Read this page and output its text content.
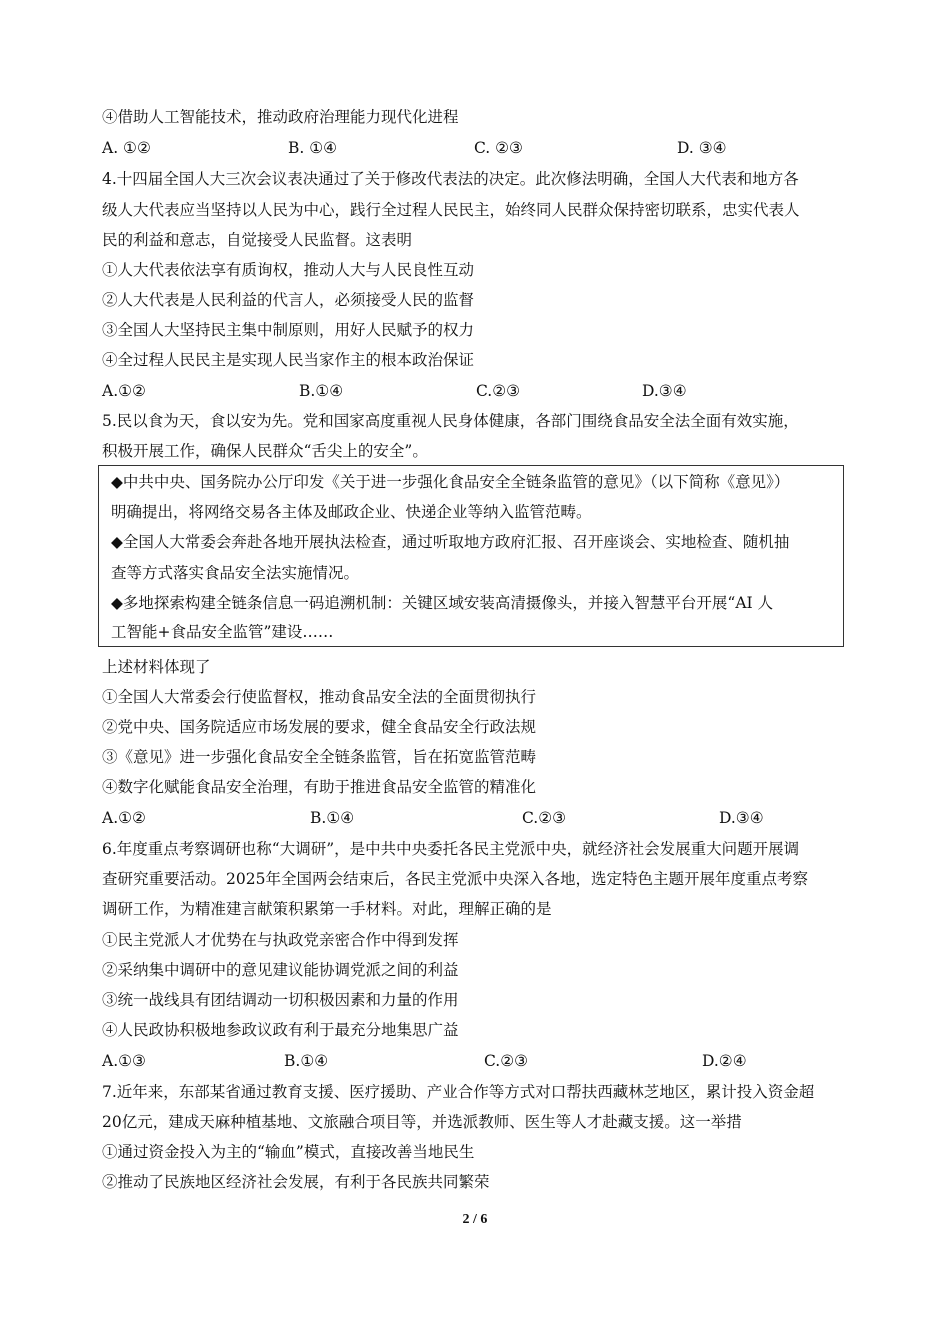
④借助人工智能技术，推动政府治理能力现代化进程
A. ①②	B. ①④	C. ②③	D. ③④
4.十四届全国人大三次会议表决通过了关于修改代表法的决定。此次修法明确，全国人大代表和地方各
级人大代表应当坚持以人民为中心，践行全过程人民民主，始终同人民群众保持密切联系，忠实代表人
民的利益和意志，自觉接受人民监督。这表明
①人大代表依法享有质询权，推动人大与人民良性互动
②人大代表是人民利益的代言人，必须接受人民的监督
③全国人大坚持民主集中制原则，用好人民赋予的权力
④全过程人民民主是实现人民当家作主的根本政治保证
A.①②	B.①④	C.②③	D.③④
5.民以食为天，食以安为先。党和国家高度重视人民身体健康，各部门围绕食品安全法全面有效实施，
积极开展工作，确保人民群众“舌尖上的安全”。
◆中共中央、国务院办公厅印发《关于进一步强化食品安全全链条监管的意见》（以下简称《意见》）
明确提出，将网络交易各主体及邮政企业、快递企业等纳入监管范畴。
◆全国人大常委会奔赴各地开展执法检查，通过听取地方政府汇报、召开座谈会、实地检查、随机抽
查等方式落实食品安全法实施情况。
◆多地探索构建全链条信息一码追溯机制：关键区域安装高清摄像头，并接入智慧平台开展“AI 人
工智能+食品安全监管”建设……
上述材料体现了
①全国人大常委会行使监督权，推动食品安全法的全面贯彻执行
②党中央、国务院适应市场发展的要求，健全食品安全行政法规
③《意见》进一步强化食品安全全链条监管，旨在拓宽监管范畴
④数字化赋能食品安全治理，有助于推进食品安全监管的精准化
A.①②	B.①④	C.②③	D.③④
6.年度重点考察调研也称“大调研”，是中共中央委托各民主党派中央，就经济社会发展重大问题开展调
查研究重要活动。2025年全国两会结束后，各民主党派中央深入各地，选定特色主题开展年度重点考察
调研工作，为精准建言献策积累第一手材料。对此，理解正确的是
①民主党派人才优势在与执政党亲密合作中得到发挥
②采纳集中调研中的意见建议能协调党派之间的利益
③统一战线具有团结调动一切积极因素和力量的作用
④人民政协积极地参政议政有利于最充分地集思广益
A.①③	B.①④	C.②③	D.②④
7.近年来，东部某省通过教育支援、医疗援助、产业合作等方式对口帮扶西藏林芝地区，累计投入资金超
20亿元，建成天麻种植基地、文旅融合项目等，并选派教师、医生等人才赴藏支援。这一举措
①通过资金投入为主的“输血”模式，直接改善当地民生
②推动了民族地区经济社会发展，有利于各民族共同繁荣
2 / 6
